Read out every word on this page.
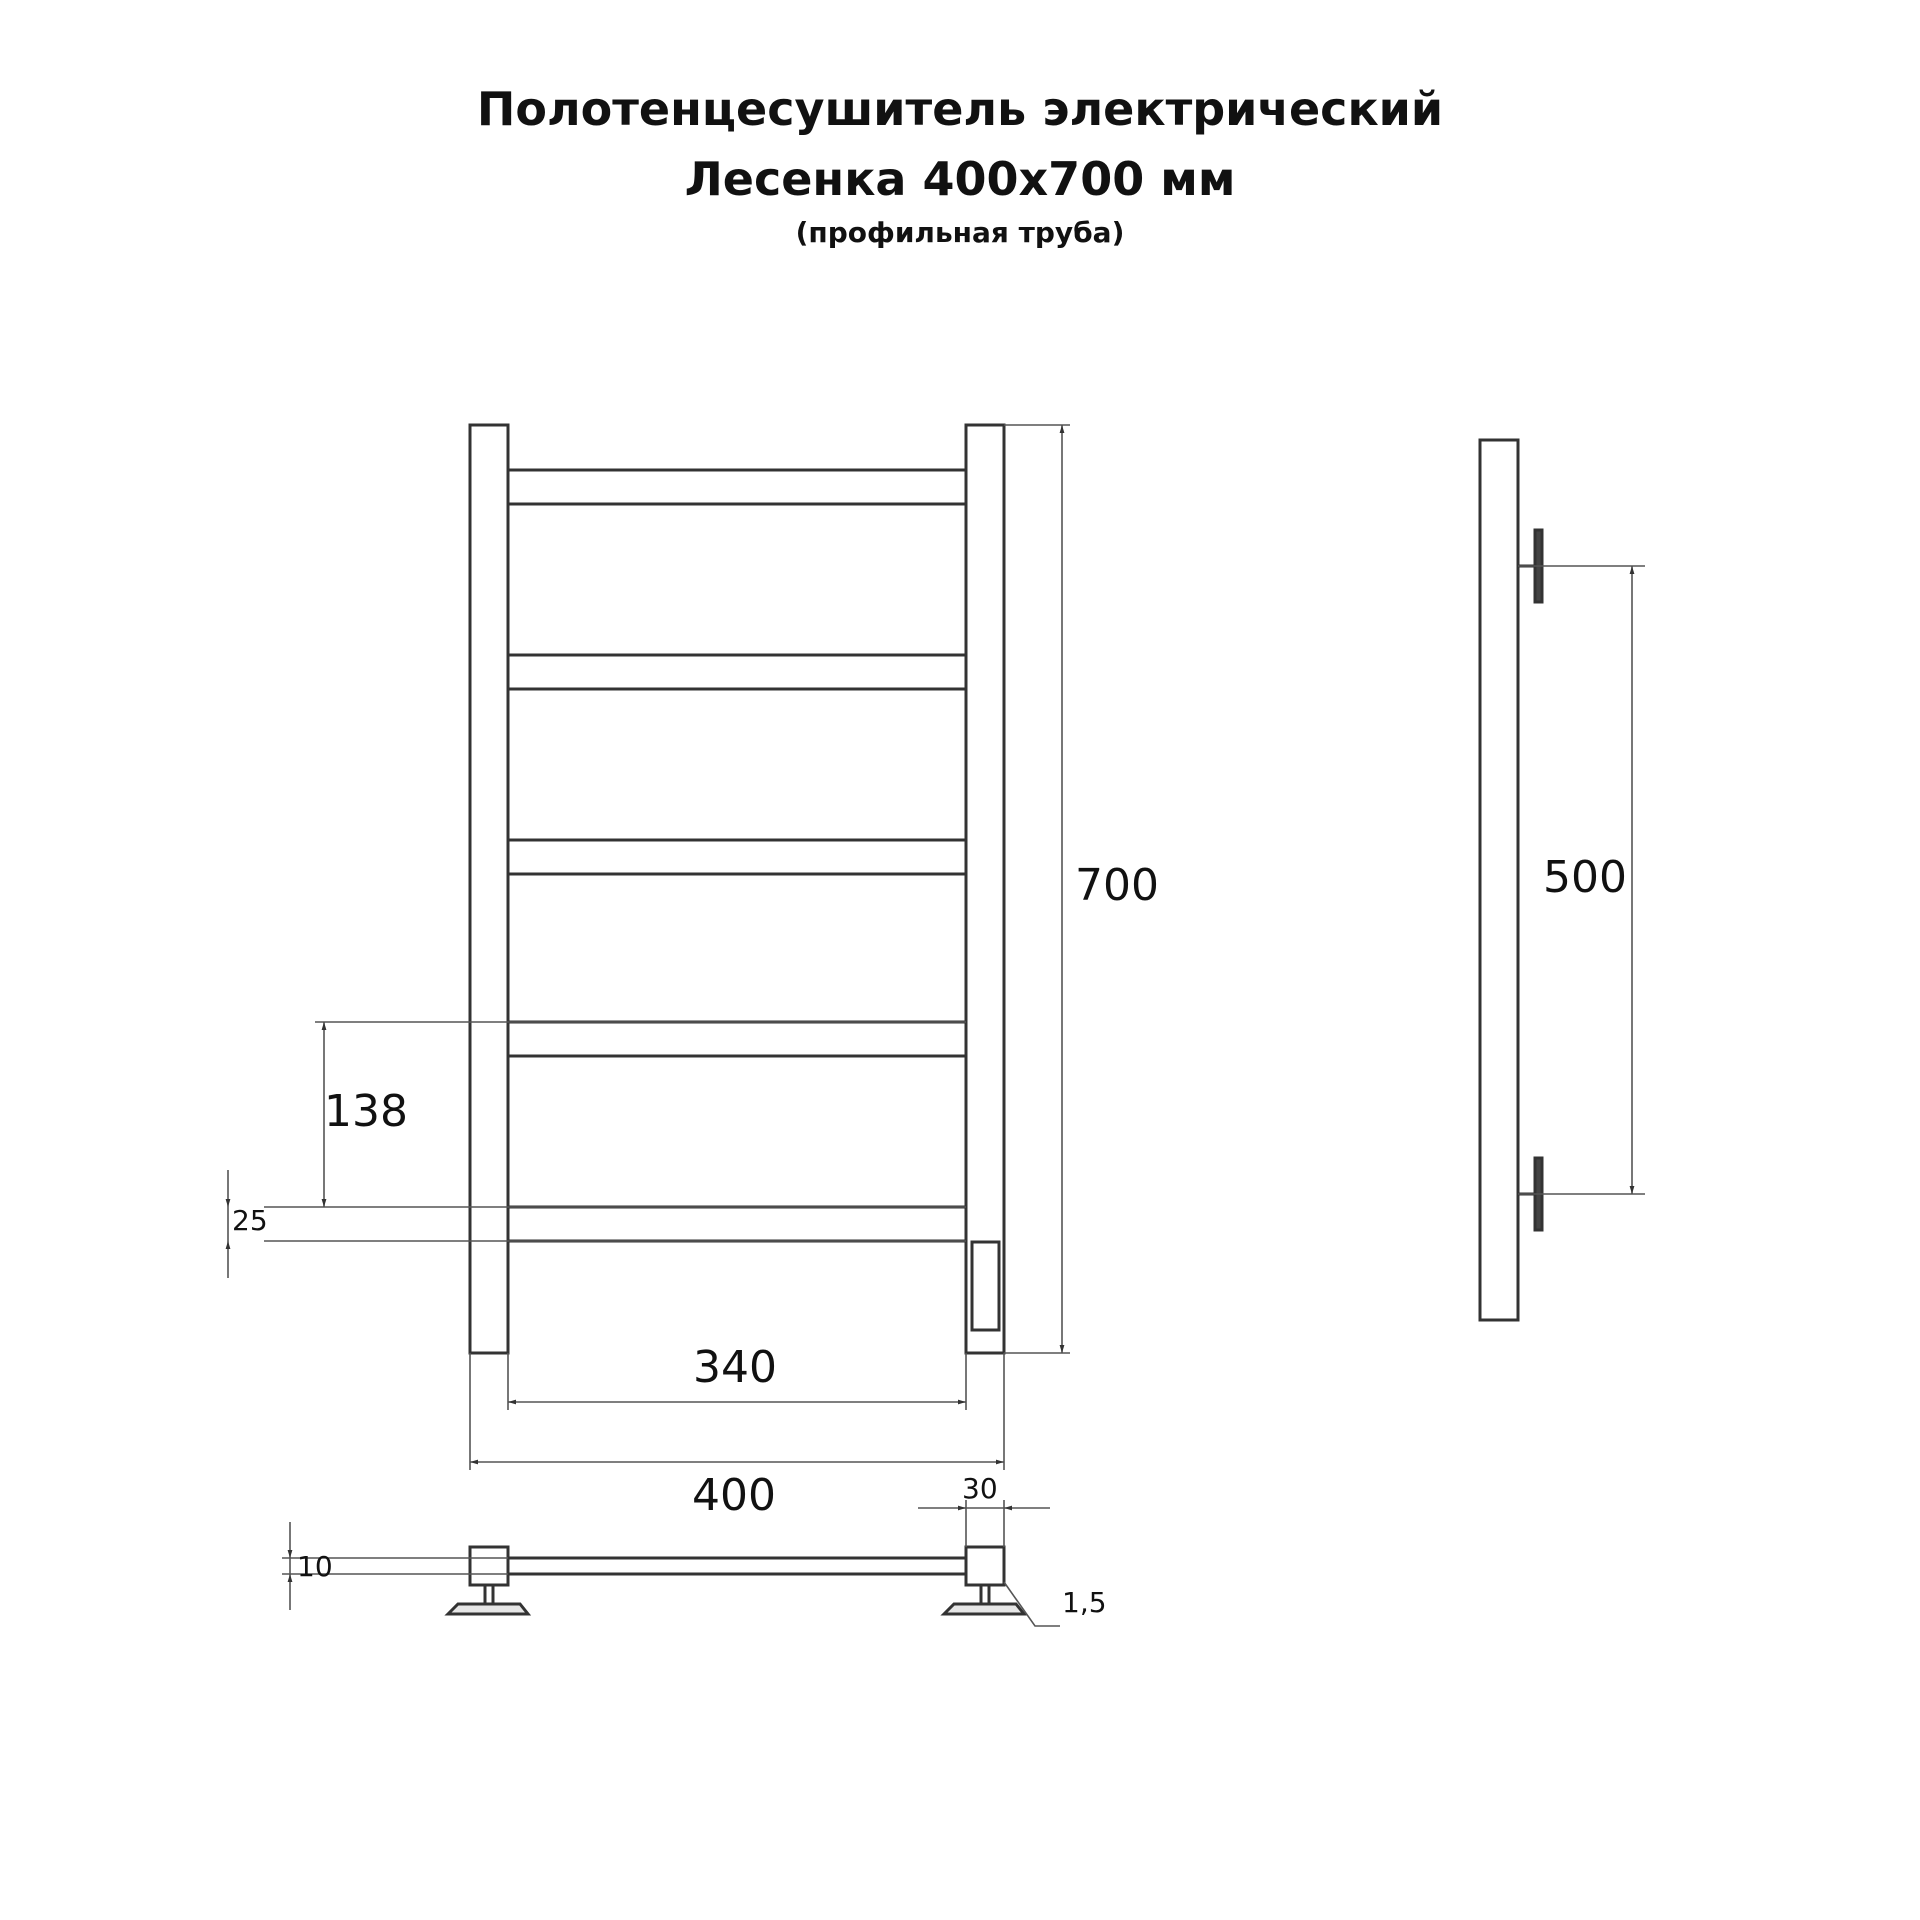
Полотенцесушитель электрический
Лесенка 400х700 мм
(профильная труба)
700
138
25
340
400
500
30
10
1,5
